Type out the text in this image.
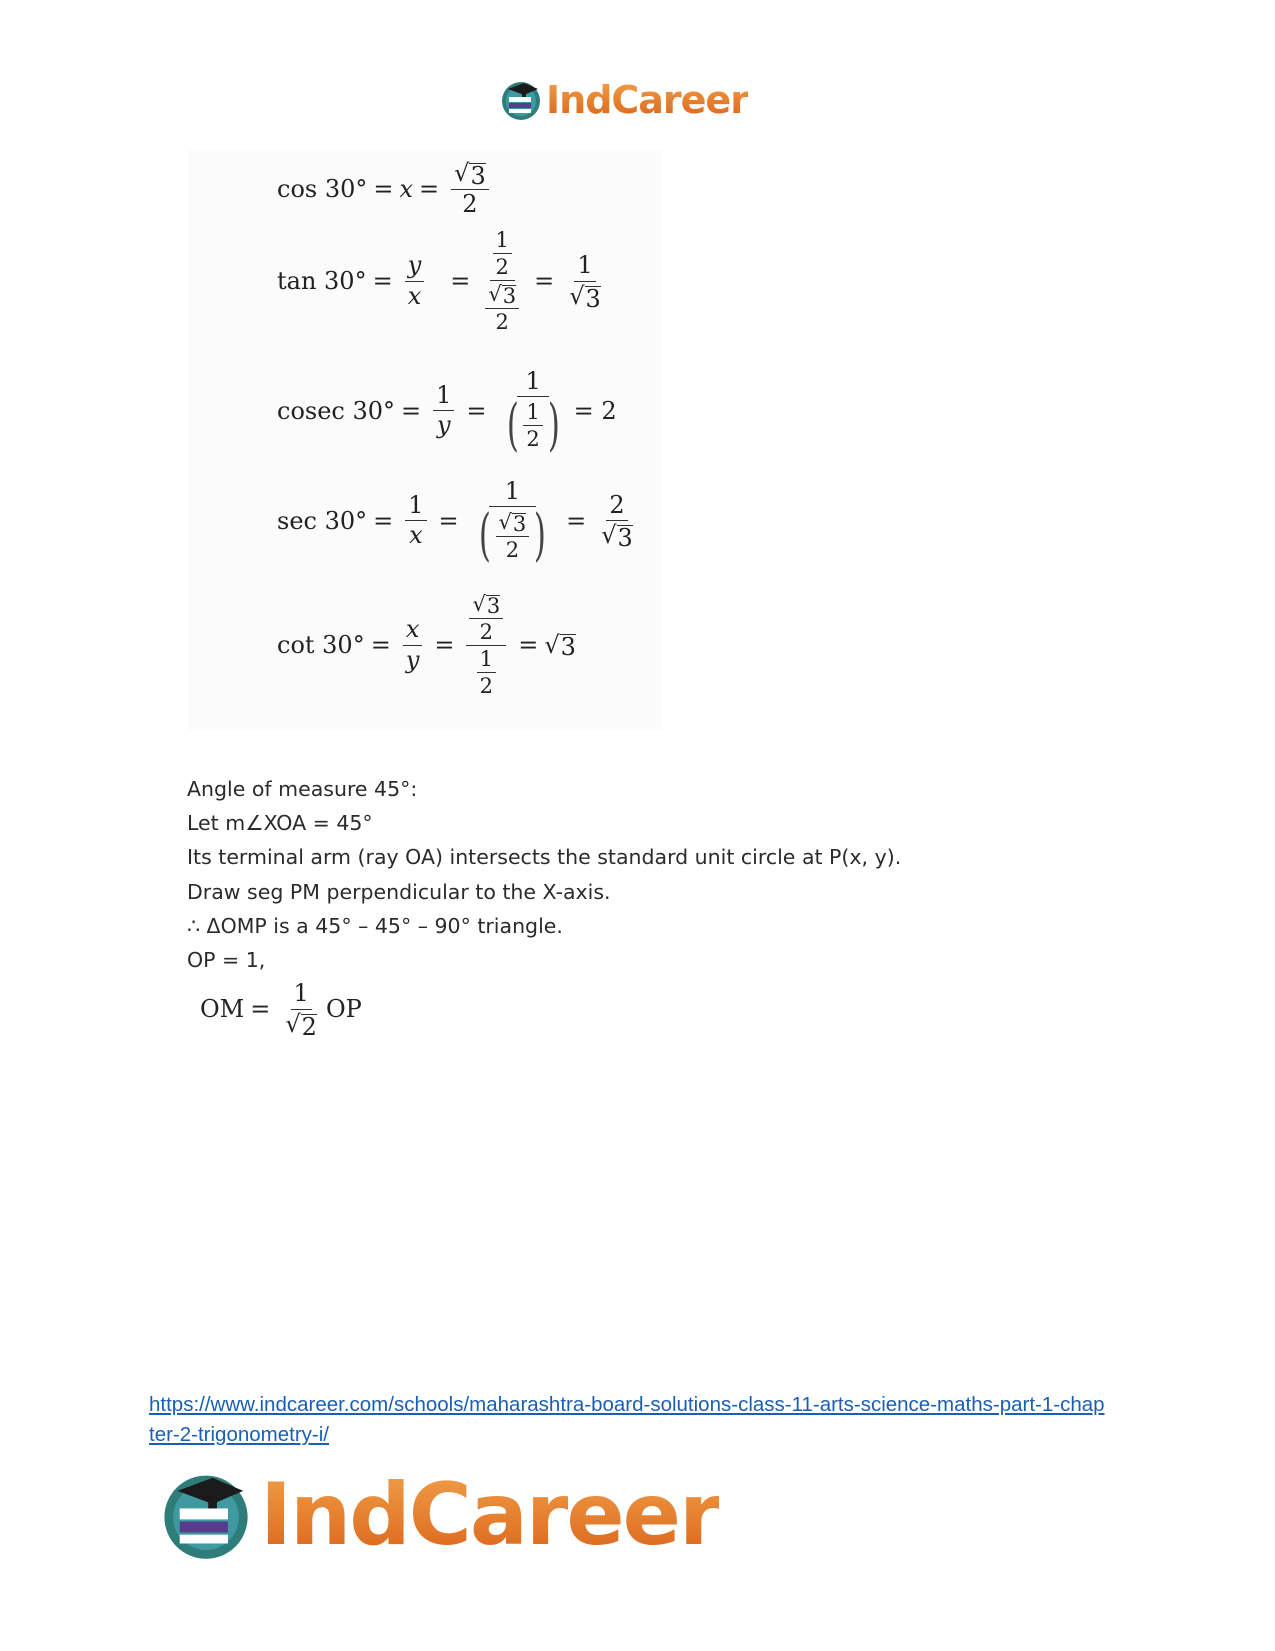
IndCareer
$\cos 30^\circ = x = \frac{√ 3}{2}$
$\tan 30^\circ = \frac{y}{x} = \frac{\frac{1}{2}}{\frac{√ 3}{2}} = \frac{1}{√ 3}$
cosec $30^\circ = \frac{1}{y} = \frac{1}{( \frac{1}{2} )} = 2$
$\sec 30^\circ = \frac{1}{x} = \frac{1}{( \frac{√ 3}{2} )} = \frac{2}{√ 3}$
$\cot 30^\circ = \frac{x}{y} = \frac{\frac{√ 3}{2}}{\frac{1}{2}}$ = √ 3
Angle of measure 45°:
Let m∠XOA = 45°
Its terminal arm (ray OA) intersects the standard unit circle at P(x, y).
Draw seg PM perpendicular to the X-axis.
∴ ΔOMP is a 45° – 45° – 90° triangle.
OP = 1,
OM = $\frac{1}{√ 2}$ OP
https://www.indcareer.com/schools/maharashtra-board-solutions-class-11-arts-science-maths-part-1-chapter-2-trigonometry-i/
IndCareer
